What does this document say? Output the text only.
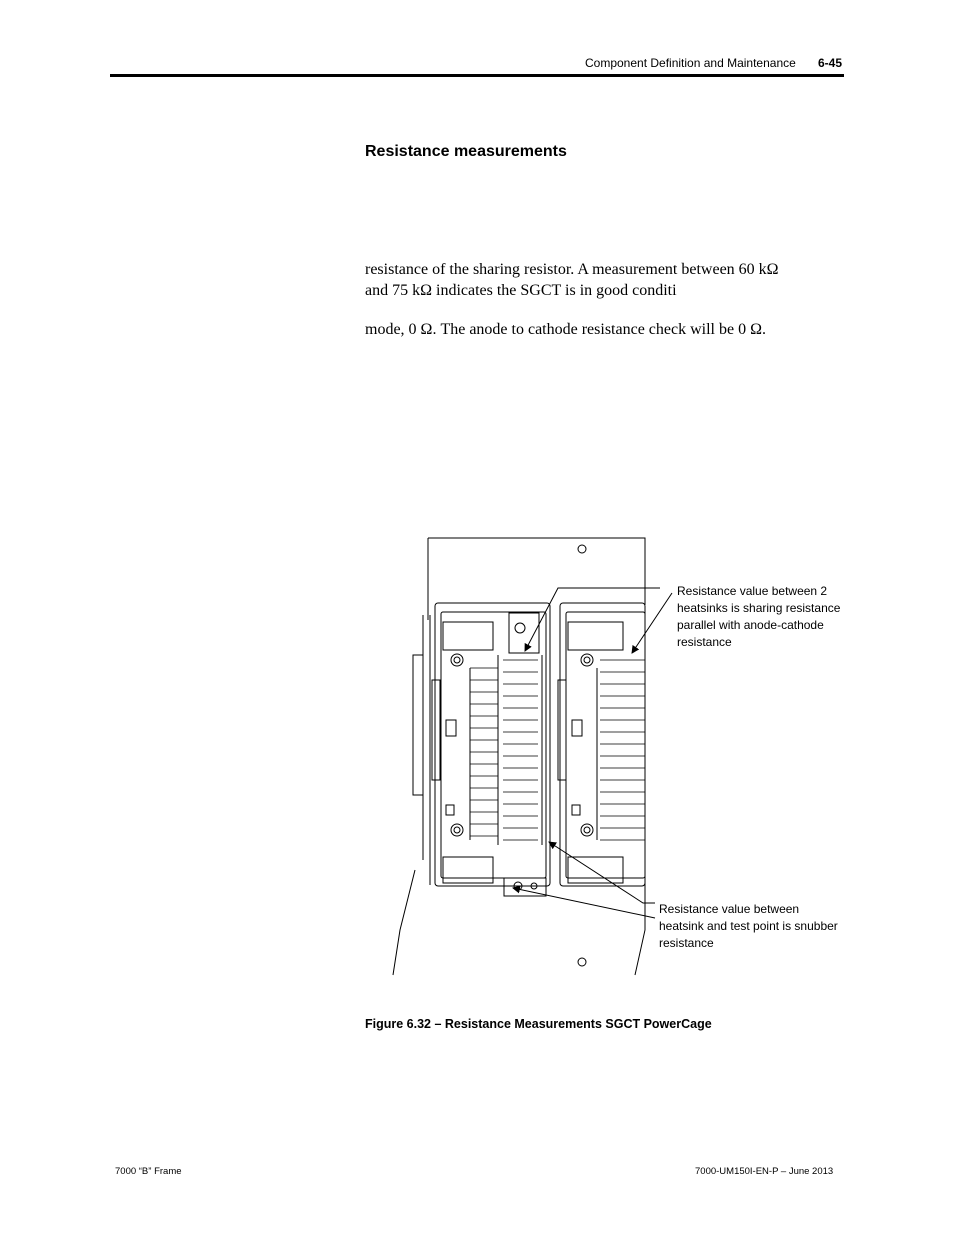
Component Definition and Maintenance 6-45
Resistance measurements
resistance of the sharing resistor. A measurement between 60 kΩ
and 75 kΩ indicates the SGCT is in good conditi
mode, 0 Ω. The anode to cathode resistance check will be 0 Ω.
Resistance value between 2 heatsinks is sharing resistance parallel with anode-cathode resistance
Resistance value between heatsink and test point is snubber resistance
Figure 6.32 – Resistance Measurements SGCT PowerCage
7000 “B” Frame	7000-UM150I-EN-P – June 2013
